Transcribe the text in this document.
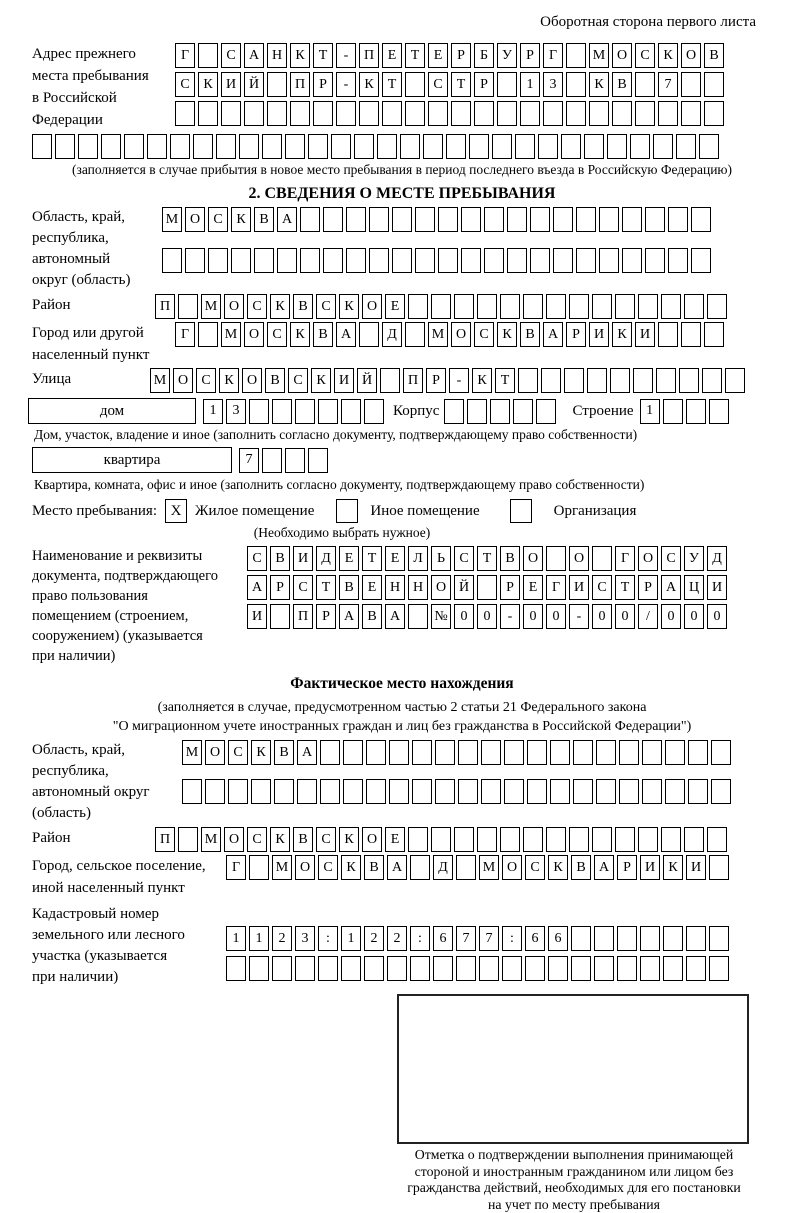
Оборотная сторона первого листа
Адрес прежнего
места пребывания
в Российской
Федерации
Г	С А Н К	Т	-	П Е	Т	Е	Р	Б	У	Р	Г	М О С К О В
С К И Й	П	Р	-	К	Т	С	Т	Р	1	3	К В	7
(заполняется в случае прибытия в новое место пребывания в период последнего въезда в Российскую Федерацию)
2. СВЕДЕНИЯ О МЕСТЕ ПРЕБЫВАНИЯ
Область, край,
республика,
автономный
округ (область)
М О С К В А
Район	П	М О С К В С К О Е
Город или другой
населенный пункт
Г	М О С К В А	Д	М О С К В А	Р	И К И
Улица	М О С К О В С К И Й	П	Р	-	К	Т
дом	1	3	Корпус	Строение 1
Дом, участок, владение и иное (заполнить согласно документу, подтверждающему право собственности)
квартира	7
Квартира, комната, офис и иное (заполнить согласно документу, подтверждающему право собственности)
Место пребывания: X Жилое помещение	Иное помещение	Организация
(Необходимо выбрать нужное)
Наименование и реквизиты
документа, подтверждающего
право пользования
помещением (строением,
сооружением) (указывается
при наличии)
С В И Д Е	Т	Е Л	Ь	С	Т	В О	О	Г О С У Д
А	Р	С	Т	В	Е Н Н О Й	Р	Е	Г И С	Т	Р	А Ц И
И	П	Р	А В А	№ 0	0	-	0	0	-	0	0	/	0	0	0
Фактическое место нахождения
(заполняется в случае, предусмотренном частью 2 статьи 21 Федерального закона
"О миграционном учете иностранных граждан и лиц без гражданства в Российской Федерации")
Область, край,
республика,
автономный округ
(область)
М О С К В А
Район	П	М О С К В С К О Е
Город, сельское поселение,
иной населенный пункт
Г	М О С К В А	Д	М О С К В А	Р	И К И
Кадастровый номер
земельного или лесного
участка (указывается
при наличии)
1	1	2	3	:	1	2	2	:	6	7	7	:	6	6
Отметка о подтверждении выполнения принимающей
стороной и иностранным гражданином или лицом без
гражданства действий, необходимых для его постановки
на учет по месту пребывания
